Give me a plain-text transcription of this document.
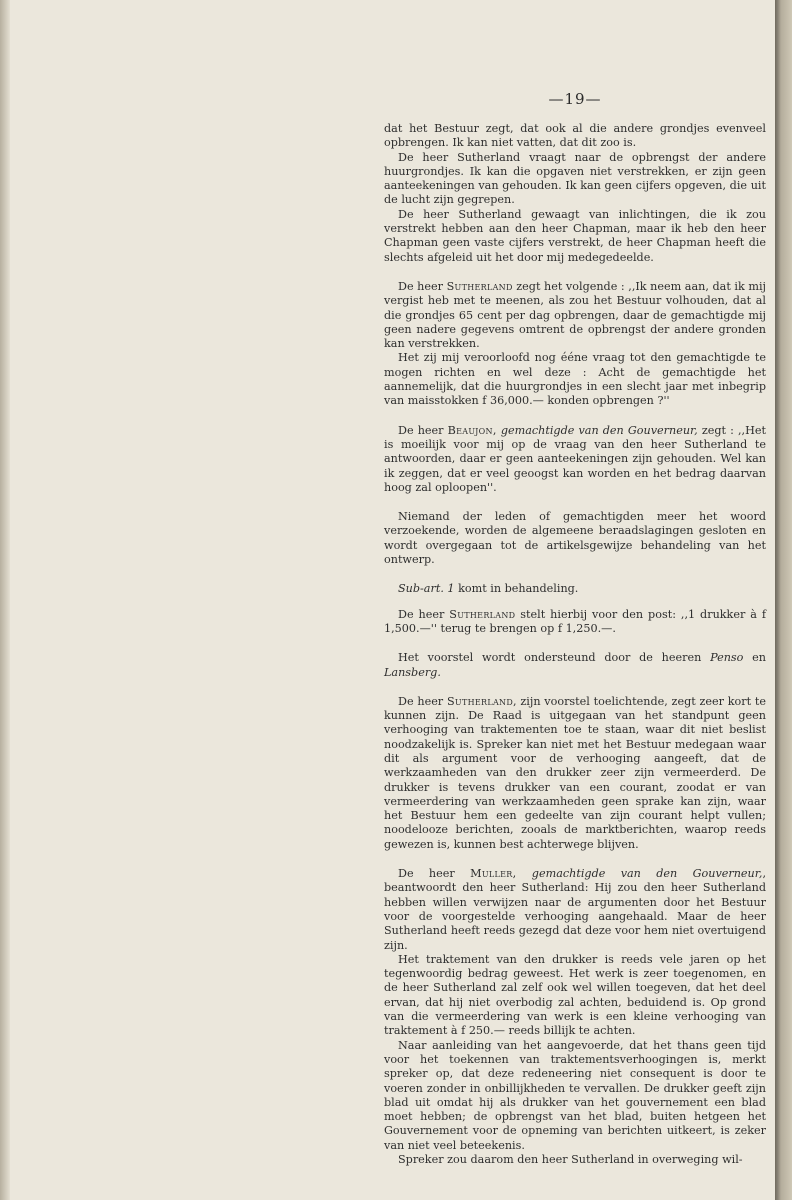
—19—

dat het Bestuur zegt, dat ook al die andere grondjes evenveel opbrengen. Ik kan niet vatten, dat dit zoo is.

De heer Sutherland vraagt naar de opbrengst der andere huurgrondjes. Ik kan die opgaven niet verstrekken, er zijn geen aanteekeningen van gehouden. Ik kan geen cijfers opgeven, die uit de lucht zijn gegrepen.

De heer Sutherland gewaagt van inlichtingen, die ik zou verstrekt hebben aan den heer Chapman, maar ik heb den heer Chapman geen vaste cijfers verstrekt, de heer Chapman heeft die slechts afgeleid uit het door mij medegedeelde.

De heer Sutherland zegt het volgende : ,,Ik neem aan, dat ik mij vergist heb met te meenen, als zou het Bestuur volhouden, dat al die grondjes 65 cent per dag opbrengen, daar de gemachtigde mij geen nadere gegevens omtrent de opbrengst der andere gronden kan verstrekken.

Het zij mij veroorloofd nog ééne vraag tot den gemachtigde te mogen richten en wel deze : Acht de gemachtigde het aannemelijk, dat die huurgrondjes in een slecht jaar met inbegrip van maisstokken f 36,000.— konden opbrengen ?''

De heer Beaujon, gemachtigde van den Gouverneur, zegt : ,,Het is moeilijk voor mij op de vraag van den heer Sutherland te antwoorden, daar er geen aanteekeningen zijn gehouden. Wel kan ik zeggen, dat er veel geoogst kan worden en het bedrag daarvan hoog zal oploopen''.

Niemand der leden of gemachtigden meer het woord verzoekende, worden de algemeene beraadslagingen gesloten en wordt overgegaan tot de artikelsgewijze behandeling van het ontwerp.

Sub-art. 1 komt in behandeling.

De heer Sutherland stelt hierbij voor den post: ,,1 drukker à f 1,500.—'' terug te brengen op f 1,250.—.

Het voorstel wordt ondersteund door de heeren Penso en Lansberg.

De heer Sutherland, zijn voorstel toelichtende, zegt zeer kort te kunnen zijn. De Raad is uitgegaan van het standpunt geen verhooging van traktementen toe te staan, waar dit niet beslist noodzakelijk is. Spreker kan niet met het Bestuur medegaan waar dit als argument voor de verhooging aangeeft, dat de werkzaamheden van den drukker zeer zijn vermeerderd. De drukker is tevens drukker van een courant, zoodat er van vermeerdering van werkzaamheden geen sprake kan zijn, waar het Bestuur hem een gedeelte van zijn courant helpt vullen; noodelooze berichten, zooals de marktberichten, waarop reeds gewezen is, kunnen best achterwege blijven.

De heer Muller, gemachtigde van den Gouverneur,, beantwoordt den heer Sutherland: Hij zou den heer Sutherland hebben willen verwijzen naar de argumenten door het Bestuur voor de voorgestelde verhooging aangehaald. Maar de heer Sutherland heeft reeds gezegd dat deze voor hem niet overtuigend zijn.

Het traktement van den drukker is reeds vele jaren op het tegenwoordig bedrag geweest. Het werk is zeer toegenomen, en de heer Sutherland zal zelf ook wel willen toegeven, dat het deel ervan, dat hij niet overbodig zal achten, beduidend is. Op grond van die vermeerdering van werk is een kleine verhooging van traktement à f 250.— reeds billijk te achten.

Naar aanleiding van het aangevoerde, dat het thans geen tijd voor het toekennen van traktementsverhoogingen is, merkt spreker op, dat deze redeneering niet consequent is door te voeren zonder in onbillijkheden te vervallen. De drukker geeft zijn blad uit omdat hij als drukker van het gouvernement een blad moet hebben; de opbrengst van het blad, buiten hetgeen het Gouvernement voor de opneming van berichten uitkeert, is zeker van niet veel beteekenis.

Spreker zou daarom den heer Sutherland in overweging wil-
